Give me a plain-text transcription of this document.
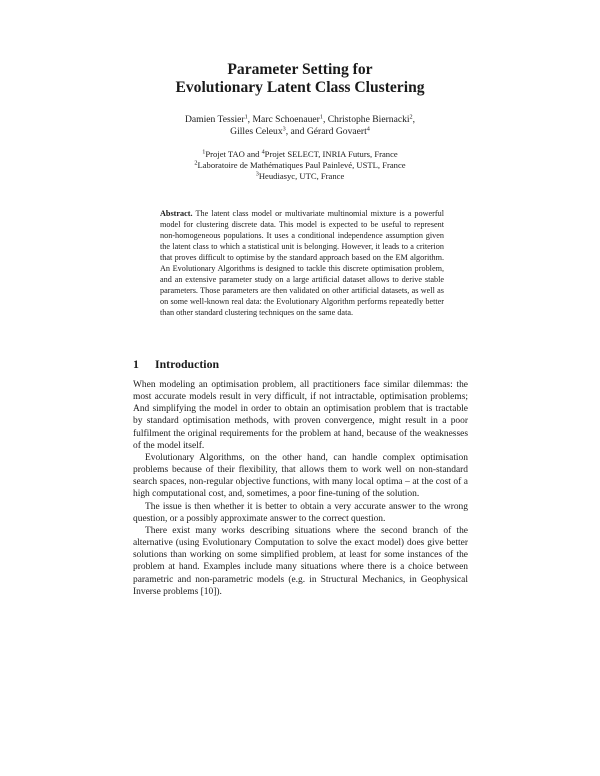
Parameter Setting for
Evolutionary Latent Class Clustering
Damien Tessier$^1$, Marc Schoenauer$^1$, Christophe Biernacki$^2$,
Gilles Celeux$^3$, and Gérard Govaert$^4$
$^1$Projet TAO and $^4$Projet SELECT, INRIA Futurs, France
$^2$Laboratoire de Mathématiques Paul Painlevé, USTL, France
$^3$Heudiasyc, UTC, France

Abstract. The latent class model or multivariate multinomial mixture is a powerful model for clustering discrete data. This model is expected to be useful to represent non-homogeneous populations. It uses a conditional independence assumption given the latent class to which a statistical unit is belonging. However, it leads to a criterion that proves difficult to optimise by the standard approach based on the EM algorithm. An Evolutionary Algorithms is designed to tackle this discrete optimisation problem, and an extensive parameter study on a large artificial dataset allows to derive stable parameters. Those parameters are then validated on other artificial datasets, as well as on some well-known real data: the Evolutionary Algorithm performs repeatedly better than other standard clustering techniques on the same data.

1 Introduction

When modeling an optimisation problem, all practitioners face similar dilemmas: the most accurate models result in very difficult, if not intractable, optimisation problems; And simplifying the model in order to obtain an optimisation problem that is tractable by standard optimisation methods, with proven convergence, might result in a poor fulfilment the original requirements for the problem at hand, because of the weaknesses of the model itself.

Evolutionary Algorithms, on the other hand, can handle complex optimisation problems because of their flexibility, that allows them to work well on non-standard search spaces, non-regular objective functions, with many local optima – at the cost of a high computational cost, and, sometimes, a poor fine-tuning of the solution.

The issue is then whether it is better to obtain a very accurate answer to the wrong question, or a possibly approximate answer to the correct question.

There exist many works describing situations where the second branch of the alternative (using Evolutionary Computation to solve the exact model) does give better solutions than working on some simplified problem, at least for some instances of the problem at hand. Examples include many situations where there is a choice between parametric and non-parametric models (e.g. in Structural Mechanics, in Geophysical Inverse problems [10]).
